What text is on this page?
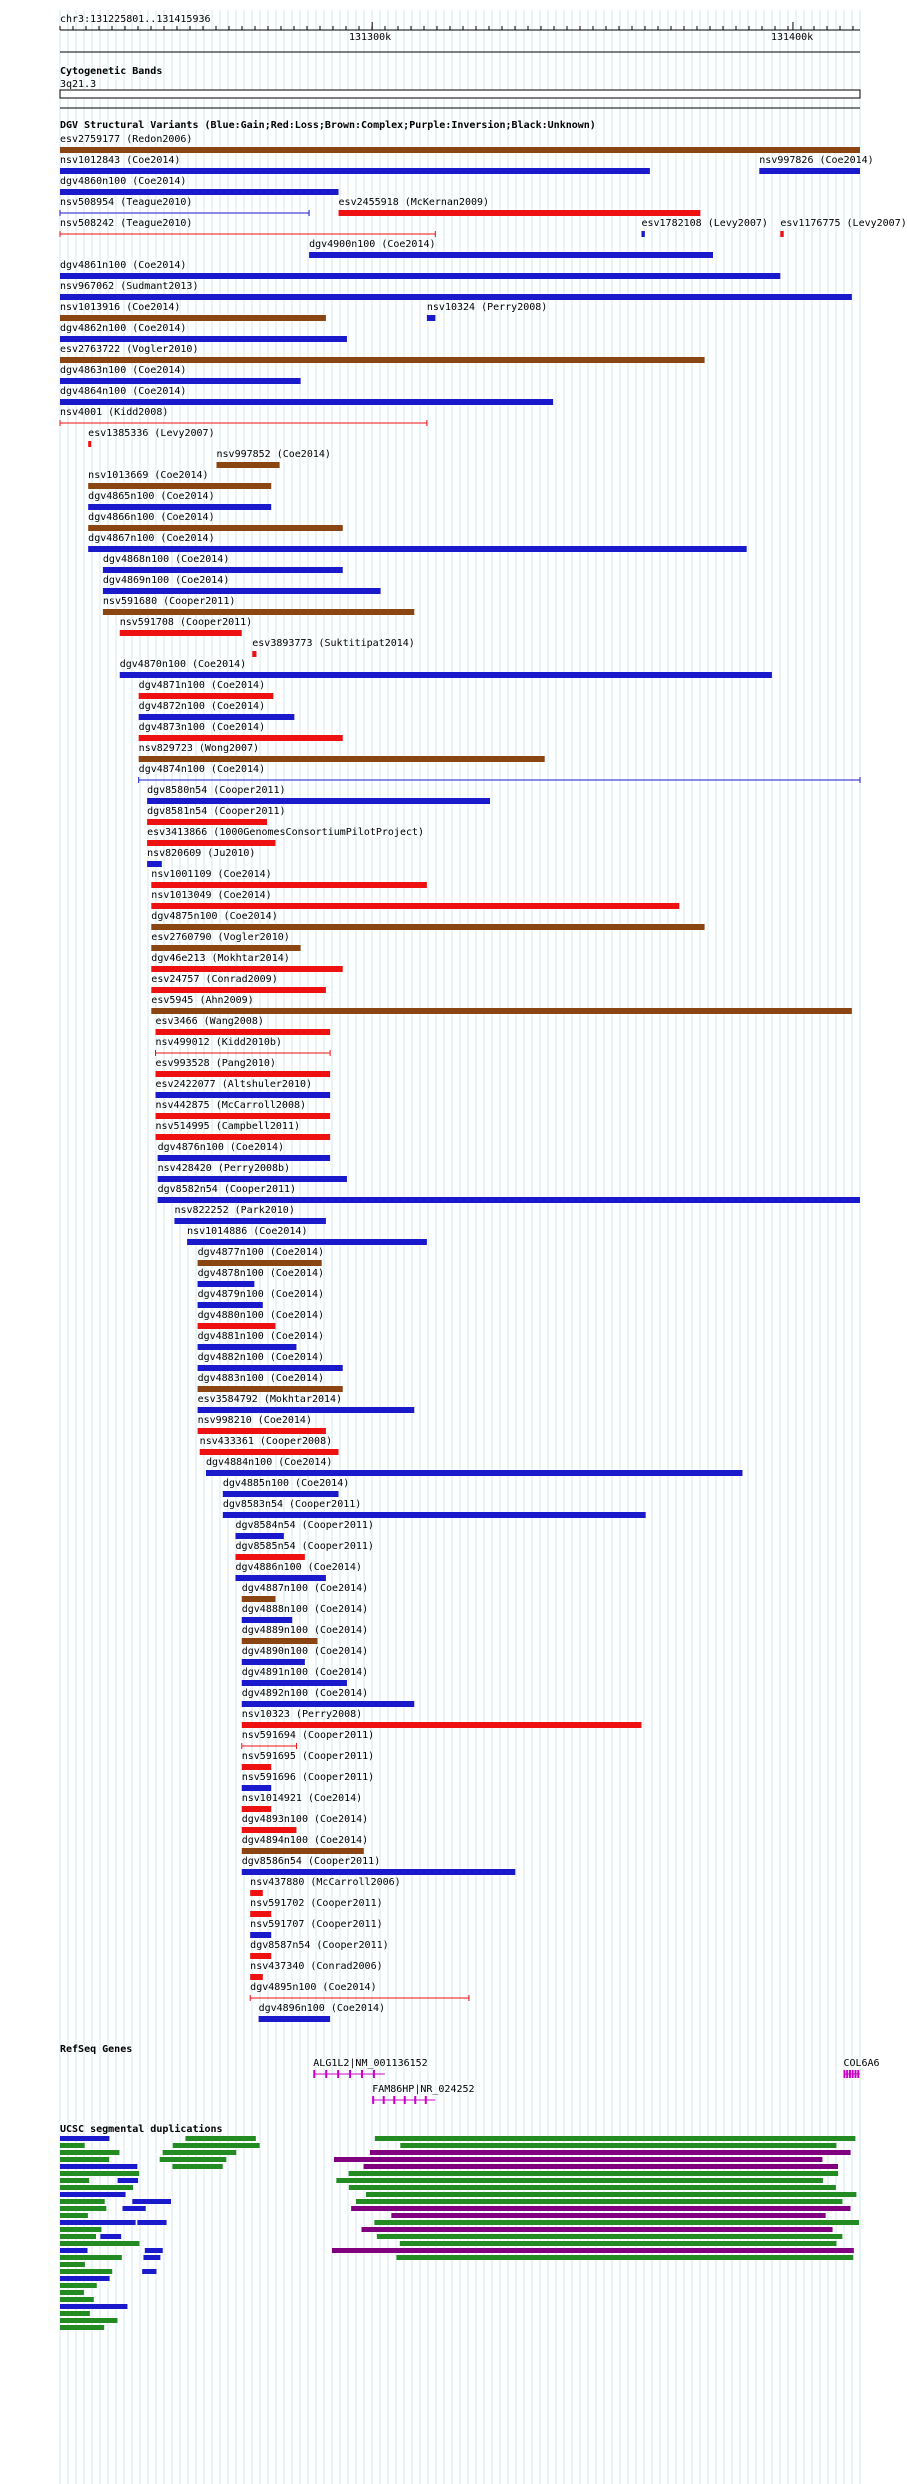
chr3:131225801..131415936
131300k	131400k
Cytogenetic Bands
3q21.3
DGV Structural Variants (Blue:Gain;Red:Loss;Brown:Complex;Purple:Inversion;Black:Unknown)
esv2759177 (Redon2006)
nsv1012843 (Coe2014)	nsv997826 (Coe2014)
dgv4860n100 (Coe2014)
esv2455918 (McKernan2009)
nsv508242 (Teague2010)	esv1782108 (Levy2007)
nsv508954 (Teague2010)
dgv4900n100 (Coe2014)
esv1176775 (Levy2007)
dgv4861n100 (Coe2014)
nsv967062 (Sudmant2013)
nsv1013916 (Coe2014)	nsv10324 (Perry2008)
dgv4862n100 (Coe2014)
esv2763722 (Vogler2010)
dgv4863n100 (Coe2014)
dgv4864n100 (Coe2014)
nsv4001 (Kidd2008)
esv1385336 (Levy2007)
nsv997852 (Coe2014)
nsv1013669 (Coe2014)
dgv4865n100 (Coe2014)
dgv4866n100 (Coe2014)
dgv4867n100 (Coe2014)
dgv4868n100 (Coe2014)
dgv4869n100 (Coe2014)
nsv591680 (Cooper2011)
nsv591708 (Cooper2011)
esv3893773 (Suktitipat2014)
dgv4870n100 (Coe2014)
dgv4871n100 (Coe2014)
dgv4872n100 (Coe2014)
dgv4873n100 (Coe2014)
nsv829723 (Wong2007)
dgv4874n100 (Coe2014)
dgv8580n54 (Cooper2011)
dgv8581n54 (Cooper2011)
esv3413866 (1000GenomesConsortiumPilotProject)
nsv820609 (Ju2010)
nsv1001109 (Coe2014)
nsv1013049 (Coe2014)
dgv4875n100 (Coe2014)
esv2760790 (Vogler2010)
dgv46e213 (Mokhtar2014)
esv24757 (Conrad2009)
esv5945 (Ahn2009)
esv3466 (Wang2008)
nsv499012 (Kidd2010b)
esv993528 (Pang2010)
esv2422077 (Altshuler2010)
nsv442875 (McCarroll2008)
nsv514995 (Campbell2011)
dgv4876n100 (Coe2014)
nsv428420 (Perry2008b)
dgv8582n54 (Cooper2011)
nsv822252 (Park2010)
nsv1014886 (Coe2014)
dgv4877n100 (Coe2014)
dgv4878n100 (Coe2014)
dgv4879n100 (Coe2014)
dgv4880n100 (Coe2014)
dgv4881n100 (Coe2014)
dgv4882n100 (Coe2014)
dgv4883n100 (Coe2014)
esv3584792 (Mokhtar2014)
nsv998210 (Coe2014)
nsv433361 (Cooper2008)
dgv4884n100 (Coe2014)
dgv4885n100 (Coe2014)
dgv8583n54 (Cooper2011)
dgv8584n54 (Cooper2011)
dgv8585n54 (Cooper2011)
dgv4886n100 (Coe2014)
dgv4887n100 (Coe2014)
dgv4888n100 (Coe2014)
dgv4889n100 (Coe2014)
dgv4890n100 (Coe2014)
dgv4891n100 (Coe2014)
dgv4892n100 (Coe2014)
nsv10323 (Perry2008)
nsv591694 (Cooper2011)
nsv591695 (Cooper2011)
nsv591696 (Cooper2011)
nsv1014921 (Coe2014)
dgv4893n100 (Coe2014)
dgv4894n100 (Coe2014)
dgv8586n54 (Cooper2011)
nsv437880 (McCarroll2006)
nsv591702 (Cooper2011)
nsv591707 (Cooper2011)
dgv8587n54 (Cooper2011)
nsv437340 (Conrad2006)
dgv4895n100 (Coe2014)
dgv4896n100 (Coe2014)
RefSeq Genes
ALG1L2|NM_001136152
FAM86HP|NR_024252
COL6A6
UCSC segmental duplications
